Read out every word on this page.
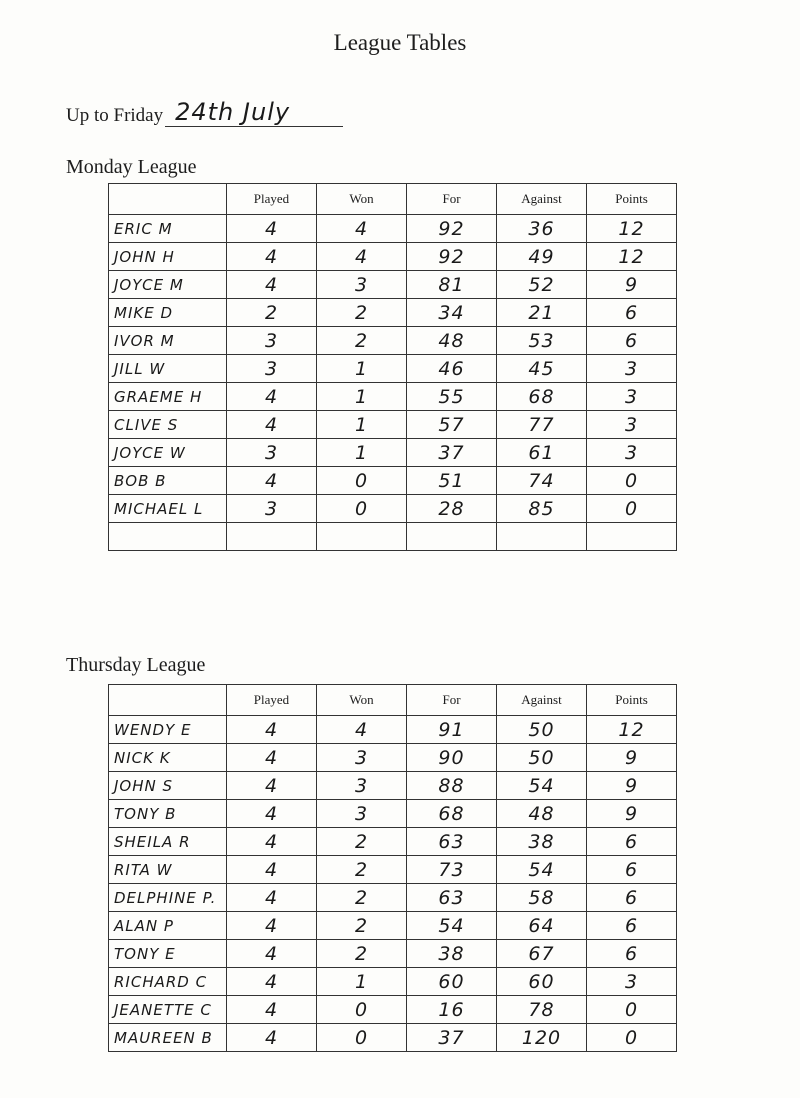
League Tables
Up to Friday 24th July
Monday League
	Played	Won	For	Against	Points
ERIC M	4	4	92	36	12
JOHN H	4	4	92	49	12
JOYCE M	4	3	81	52	9
MIKE D	2	2	34	21	6
IVOR M	3	2	48	53	6
JILL W	3	1	46	45	3
GRAEME H	4	1	55	68	3
CLIVE S	4	1	57	77	3
JOYCE W	3	1	37	61	3
BOB B	4	0	51	74	0
MICHAEL L	3	0	28	85	0

Thursday League
	Played	Won	For	Against	Points
WENDY E	4	4	91	50	12
NICK K	4	3	90	50	9
JOHN S	4	3	88	54	9
TONY B	4	3	68	48	9
SHEILA R	4	2	63	38	6
RITA W	4	2	73	54	6
DELPHINE P.	4	2	63	58	6
ALAN P	4	2	54	64	6
TONY E	4	2	38	67	6
RICHARD C	4	1	60	60	3
JEANETTE C	4	0	16	78	0
MAUREEN B	4	0	37	120	0
